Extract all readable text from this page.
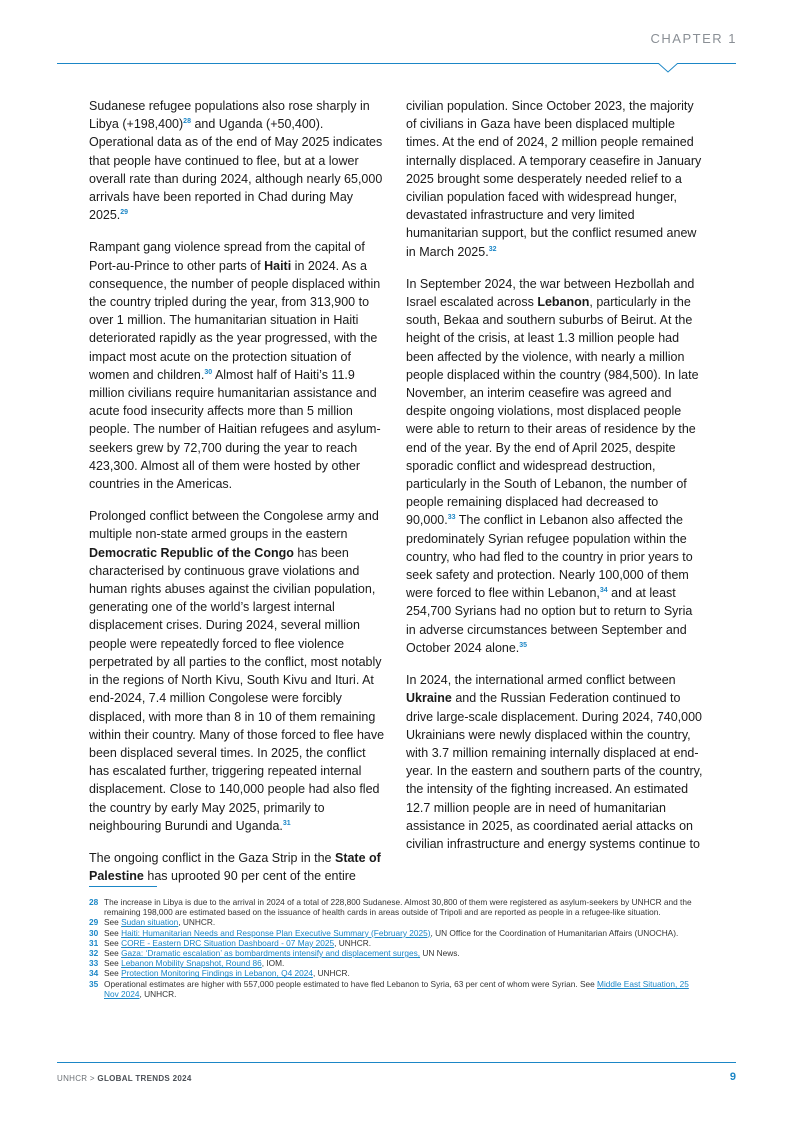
CHAPTER 1

Sudanese refugee populations also rose sharply in Libya $(+198,400)^{28}$ and Uganda (+50,400). Operational data as of the end of May 2025 indicates that people have continued to flee, but at a lower overall rate than during 2024, although nearly 65,000 arrivals have been reported in Chad during May 2025.29

Rampant gang violence spread from the capital of Port-au-Prince to other parts of Haiti in 2024. As a consequence, the number of people displaced within the country tripled during the year, from 313,900 to over 1 million. The humanitarian situation in Haiti deteriorated rapidly as the year progressed, with the impact most acute on the protection situation of women and children.$^{30}$ Almost half of Haiti’s 11.9 million civilians require humanitarian assistance and acute food insecurity affects more than 5 million people. The number of Haitian refugees and asylum-seekers grew by 72,700 during the year to reach 423,300. Almost all of them were hosted by other countries in the Americas.

Prolonged conflict between the Congolese army and multiple non-state armed groups in the eastern Democratic Republic of the Congo has been characterised by continuous grave violations and human rights abuses against the civilian population, generating one of the world’s largest internal displacement crises. During 2024, several million people were repeatedly forced to flee violence perpetrated by all parties to the conflict, most notably in the regions of North Kivu, South Kivu and Ituri. At end-2024, 7.4 million Congolese were forcibly displaced, with more than 8 in 10 of them remaining within their country. Many of those forced to flee have been displaced several times. In 2025, the conflict has escalated further, triggering repeated internal displacement. Close to 140,000 people had also fled the country by early May 2025, primarily to neighbouring Burundi and Uganda.$^{31}$

The ongoing conflict in the Gaza Strip in the State of Palestine has uprooted 90 per cent of the entire

civilian population. Since October 2023, the majority of civilians in Gaza have been displaced multiple times. At the end of 2024, 2 million people remained internally displaced. A temporary ceasefire in January 2025 brought some desperately needed relief to a civilian population faced with widespread hunger, devastated infrastructure and very limited humanitarian support, but the conflict resumed anew in March 2025.32

In September 2024, the war between Hezbollah and Israel escalated across Lebanon, particularly in the south, Bekaa and southern suburbs of Beirut. At the height of the crisis, at least 1.3 million people had been affected by the violence, with nearly a million people displaced within the country (984,500). In late November, an interim ceasefire was agreed and despite ongoing violations, most displaced people were able to return to their areas of residence by the end of the year. By the end of April 2025, despite sporadic conflict and widespread destruction, particularly in the South of Lebanon, the number of people remaining displaced had decreased to 90,000.33 The conflict in Lebanon also affected the predominately Syrian refugee population within the country, who had fled to the country in prior years to seek safety and protection. Nearly 100,000 of them were forced to flee within Lebanon,$^{34}$ and at least 254,700 Syrians had no option but to return to Syria in adverse circumstances between September and October 2024 alone.$^{35}$

In 2024, the international armed conflict between Ukraine and the Russian Federation continued to drive large-scale displacement. During 2024, 740,000 Ukrainians were newly displaced within the country, with 3.7 million remaining internally displaced at end-year. In the eastern and southern parts of the country, the intensity of the fighting increased. An estimated 12.7 million people are in need of humanitarian assistance in 2025, as coordinated aerial attacks on civilian infrastructure and energy systems continue to

28 The increase in Libya is due to the arrival in 2024 of a total of 228,800 Sudanese. Almost 30,800 of them were registered as asylum-seekers by UNHCR and the remaining 198,000 are estimated based on the issuance of health cards in areas outside of Tripoli and are reported as people in a refugee-like situation.
29 See Sudan situation, UNHCR.
30 See Haiti: Humanitarian Needs and Response Plan Executive Summary (February 2025), UN Office for the Coordination of Humanitarian Affairs (UNOCHA).
31 See CORE - Eastern DRC Situation Dashboard - 07 May 2025, UNHCR.
32 See Gaza: ‘Dramatic escalation’ as bombardments intensify and displacement surges, UN News.
33 See Lebanon Mobility Snapshot, Round 86, IOM.
34 See Protection Monitoring Findings in Lebanon, Q4 2024, UNHCR.
35 Operational estimates are higher with 557,000 people estimated to have fled Lebanon to Syria, 63 per cent of whom were Syrian. See Middle East Situation, 25 Nov 2024, UNHCR.
UNHCR > GLOBAL TRENDS 2024	9
